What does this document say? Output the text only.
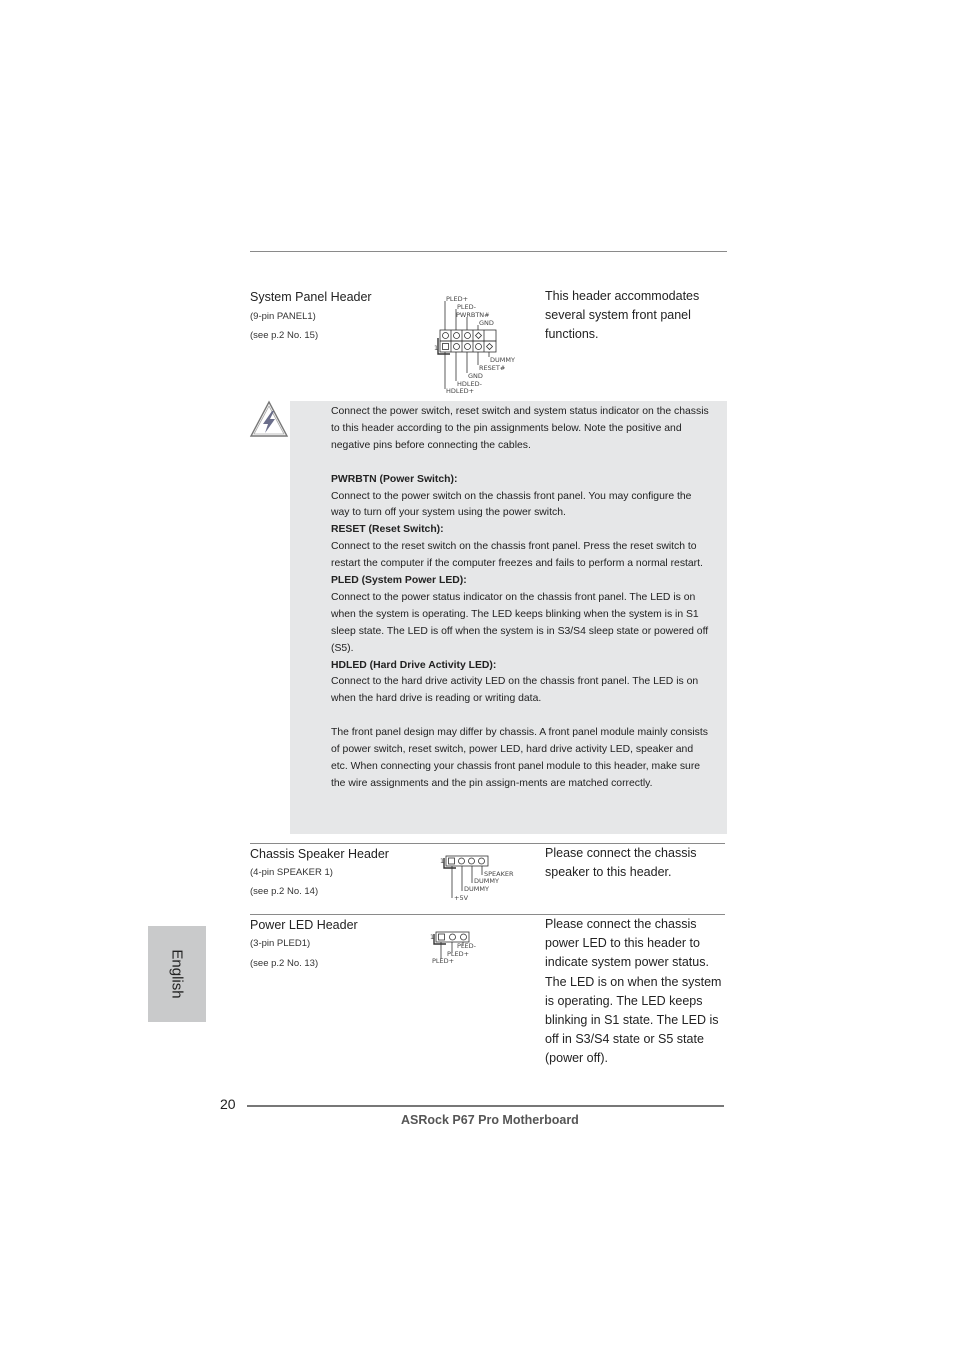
System Panel Header
(9-pin PANEL1)
(see p.2 No. 15)
PLED+
PLED-
PWRBTN#
GND
1
DUMMY
RESET#
GND
HDLED-
HDLED+
This header accommodates several system front panel functions.

Connect the power switch, reset switch and system status indicator on the chassis to this header according to the pin assignments below. Note the positive and negative pins before connecting the cables.

PWRBTN (Power Switch):

Connect to the power switch on the chassis front panel. You may configure the way to turn off your system using the power switch.

RESET (Reset Switch):

Connect to the reset switch on the chassis front panel. Press the reset switch to restart the computer if the computer freezes and fails to perform a normal restart.

PLED (System Power LED):

Connect to the power status indicator on the chassis front panel. The LED is on when the system is operating. The LED keeps blinking when the system is in S1 sleep state. The LED is off when the system is in S3/S4 sleep state or powered off (S5).

HDLED (Hard Drive Activity LED):

Connect to the hard drive activity LED on the chassis front panel. The LED is on when the hard drive is reading or writing data.

The front panel design may differ by chassis. A front panel module mainly consists of power switch, reset switch, power LED, hard drive activity LED, speaker and etc. When connecting your chassis front panel module to this header, make sure the wire assignments and the pin assign-ments are matched correctly.

Chassis Speaker Header
(4-pin SPEAKER 1)
(see p.2 No. 14)
1
SPEAKER
DUMMY
DUMMY
+5V
Please connect the chassis speaker to this header.
Power LED Header
(3-pin PLED1)
(see p.2 No. 13)
1
PLED-
PLED+
PLED+
Please connect the chassis power LED to this header to indicate system power status. The LED is on when the system is operating. The LED keeps blinking in S1 state. The LED is off in S3/S4 state or S5 state (power off).
English
20
ASRock P67 Pro Motherboard
